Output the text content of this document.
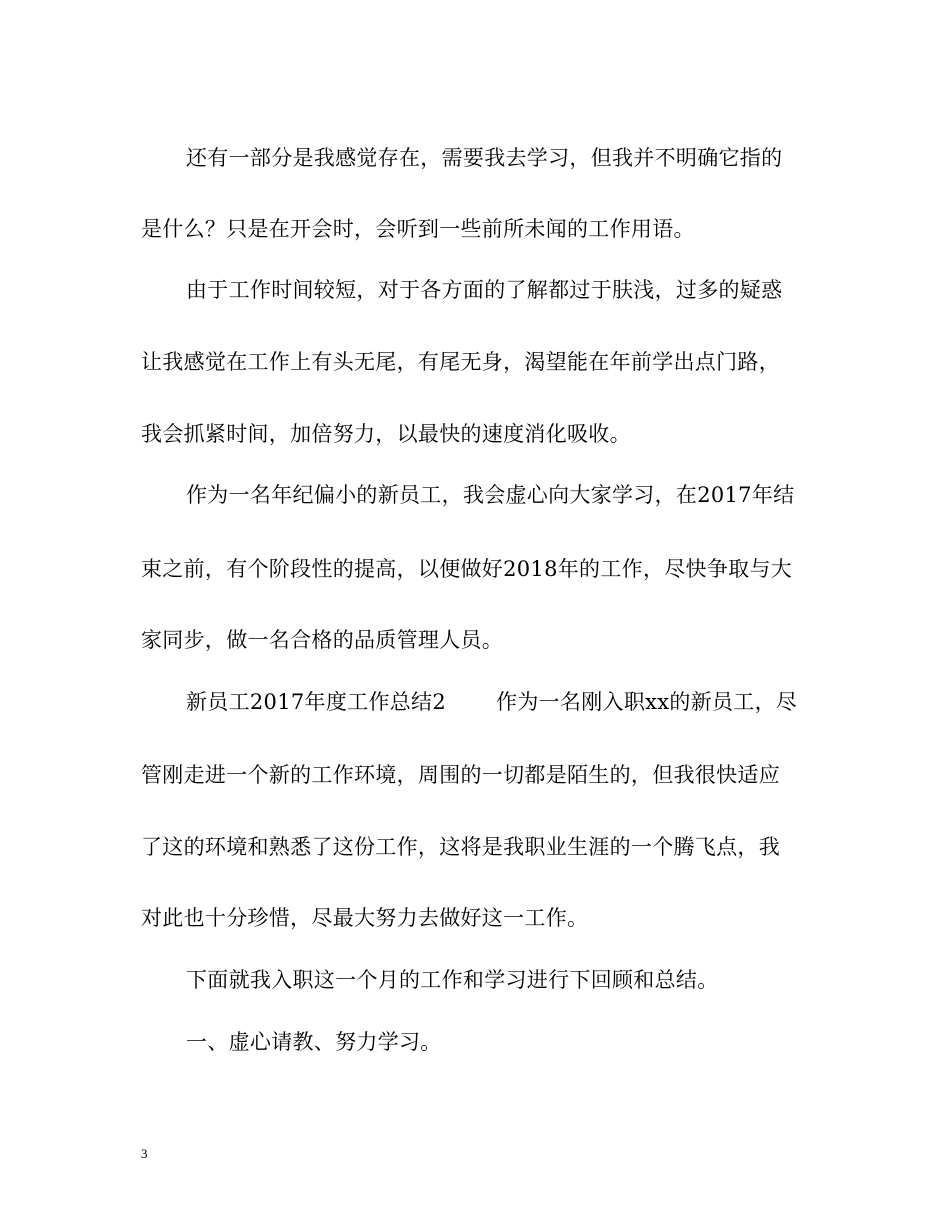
还有一部分是我感觉存在，需要我去学习，但我并不明确它指的
是什么？只是在开会时，会听到一些前所未闻的工作用语。
由于工作时间较短，对于各方面的了解都过于肤浅，过多的疑惑
让我感觉在工作上有头无尾，有尾无身，渴望能在年前学出点门路，
我会抓紧时间，加倍努力，以最快的速度消化吸收。
作为一名年纪偏小的新员工，我会虚心向大家学习，在2017年结
束之前，有个阶段性的提高，以便做好2018年的工作，尽快争取与大
家同步，做一名合格的品质管理人员。
新员工2017年度工作总结2 作为一名刚入职xx的新员工，尽
管刚走进一个新的工作环境，周围的一切都是陌生的，但我很快适应
了这的环境和熟悉了这份工作，这将是我职业生涯的一个腾飞点，我
对此也十分珍惜，尽最大努力去做好这一工作。
下面就我入职这一个月的工作和学习进行下回顾和总结。
一、虚心请教、努力学习。
3
